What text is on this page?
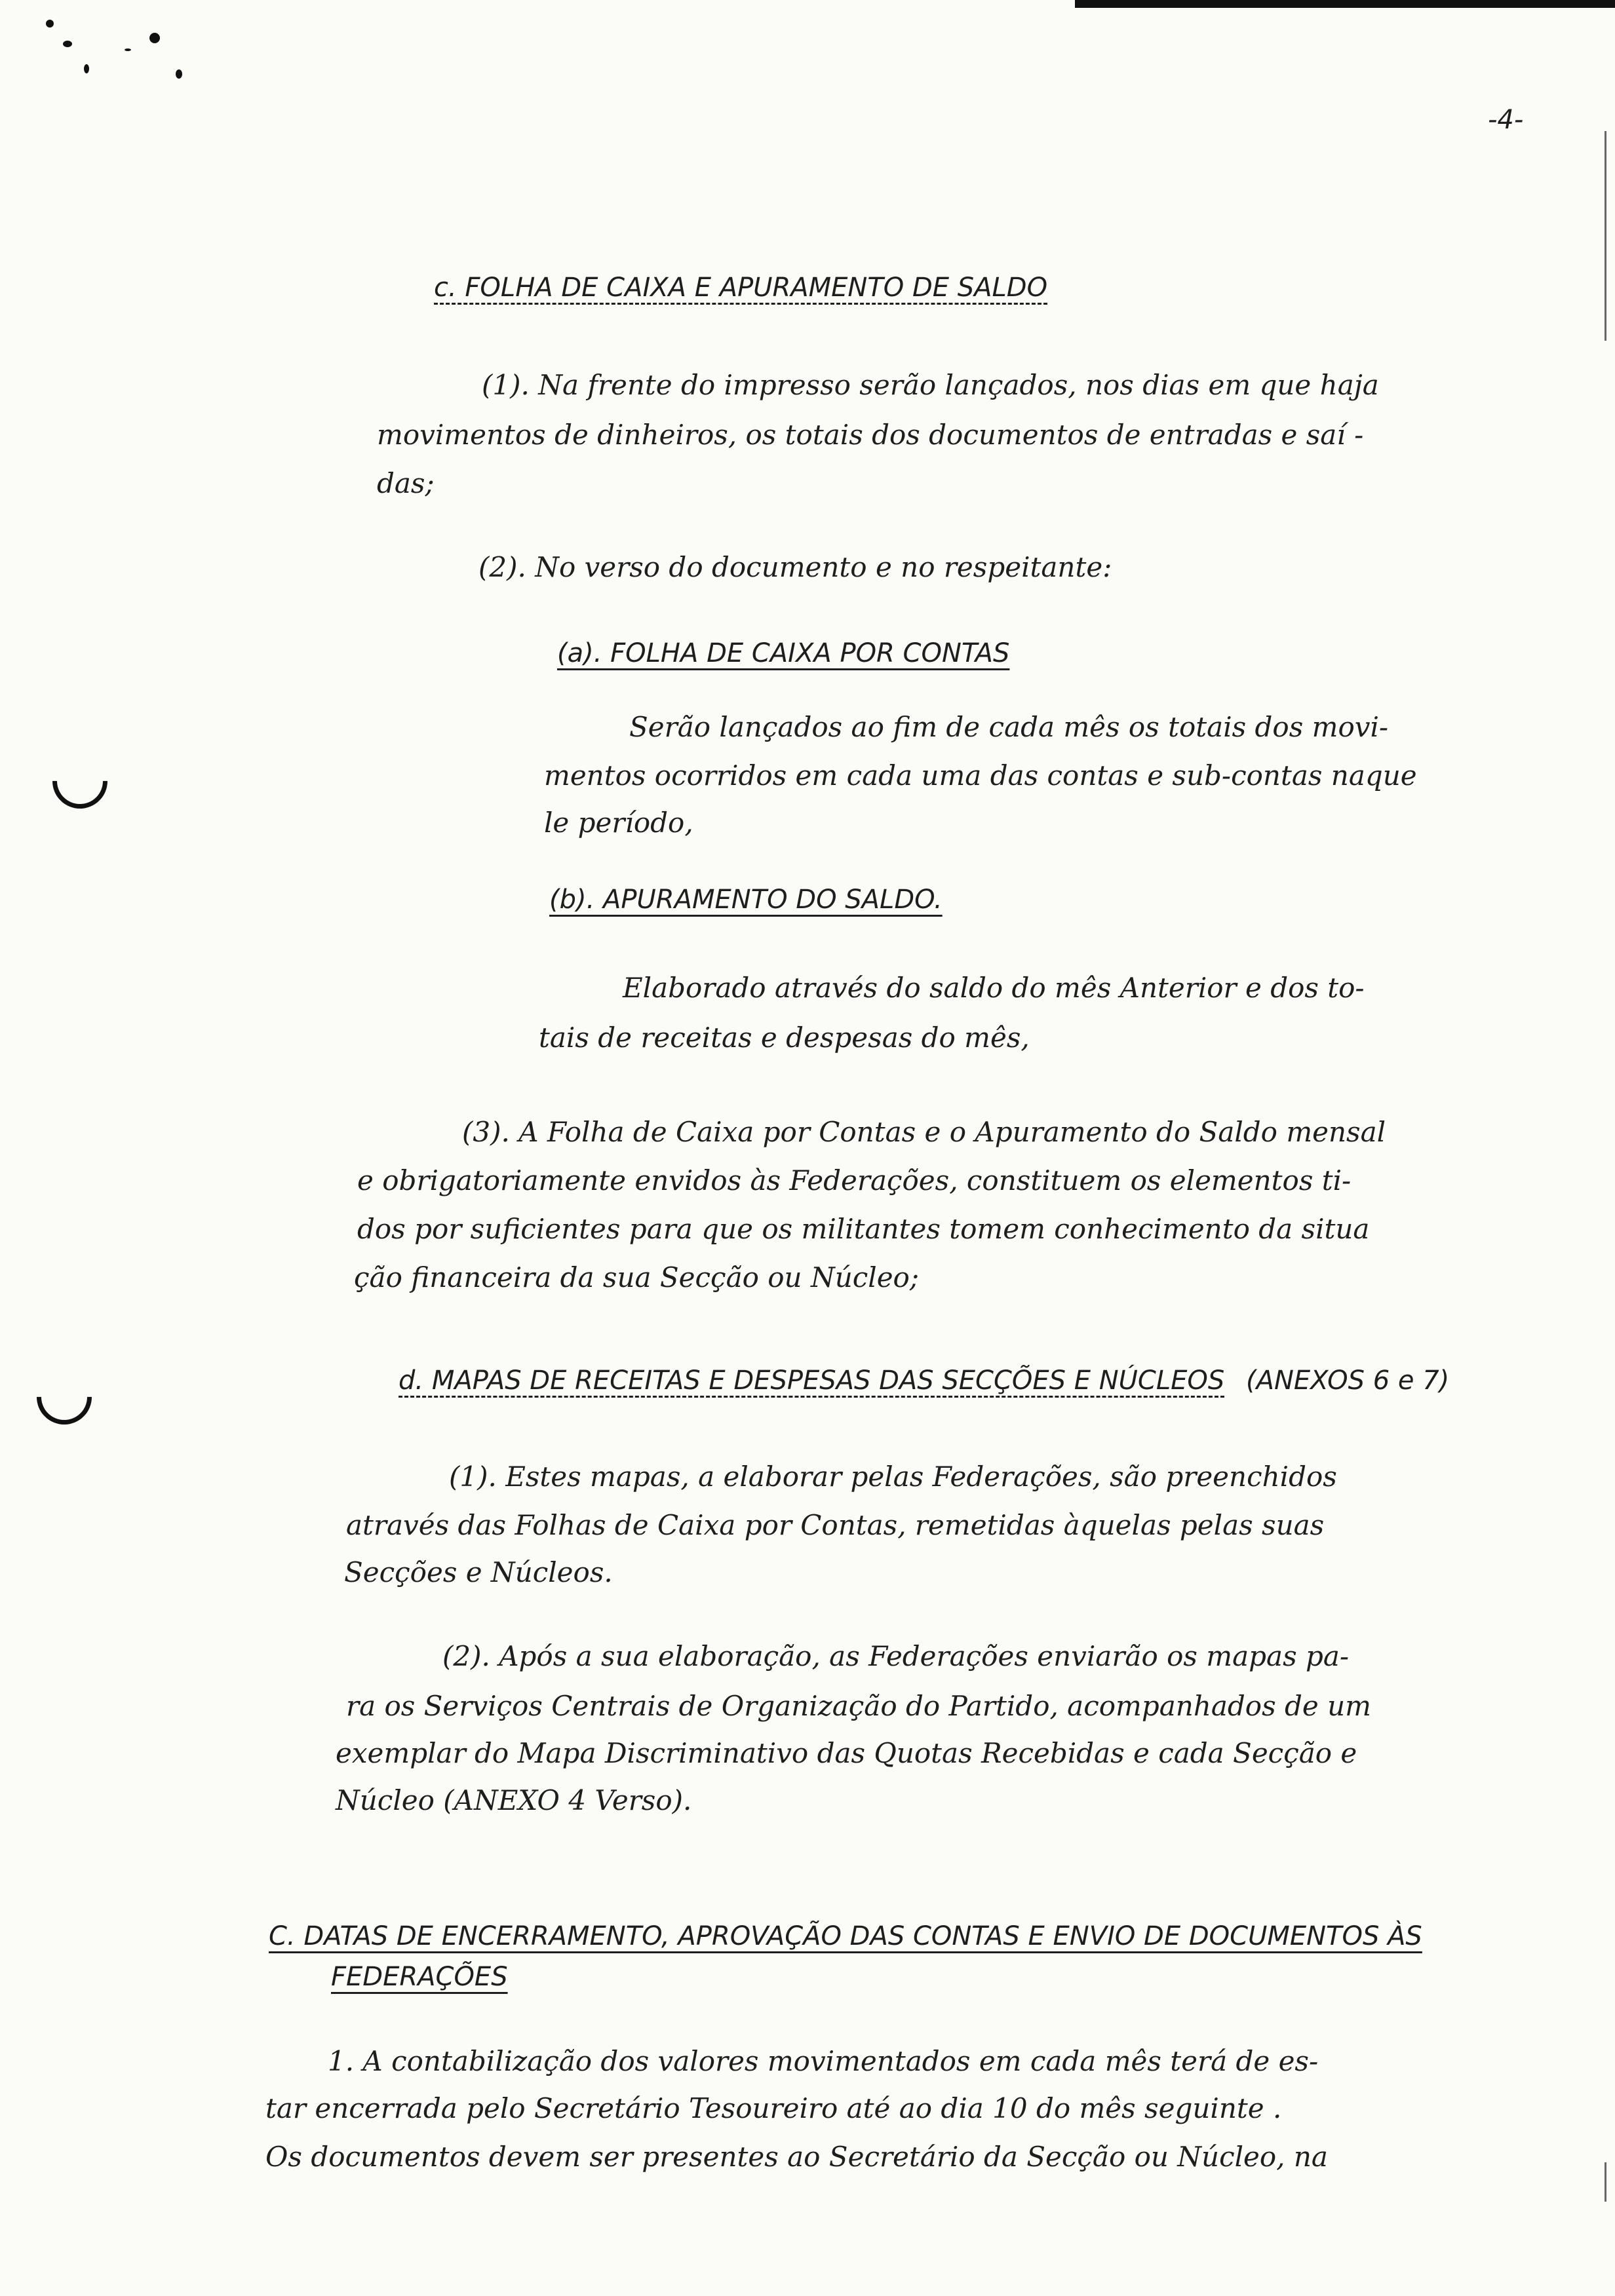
-4-
c. FOLHA DE CAIXA E APURAMENTO DE SALDO
(1). Na frente do impresso serão lançados, nos dias em que haja
movimentos de dinheiros, os totais dos documentos de entradas e saí -
das;
(2). No verso do documento e no respeitante:
(a). FOLHA DE CAIXA POR CONTAS
Serão lançados ao fim de cada mês os totais dos movi-
mentos ocorridos em cada uma das contas e sub-contas naque
le período,
(b). APURAMENTO DO SALDO.
Elaborado através do saldo do mês Anterior e dos to-
tais de receitas e despesas do mês,
(3). A Folha de Caixa por Contas e o Apuramento do Saldo mensal
e obrigatoriamente envidos às Federações, constituem os elementos ti-
dos por suficientes para que os militantes tomem conhecimento da situa
ção financeira da sua Secção ou Núcleo;
d. MAPAS DE RECEITAS E DESPESAS DAS SECÇÕES E NÚCLEOS (ANEXOS 6 e 7)
(1). Estes mapas, a elaborar pelas Federações, são preenchidos
através das Folhas de Caixa por Contas, remetidas àquelas pelas suas
Secções e Núcleos.
(2). Após a sua elaboração, as Federações enviarão os mapas pa-
ra os Serviços Centrais de Organização do Partido, acompanhados de um
exemplar do Mapa Discriminativo das Quotas Recebidas e cada Secção e
Núcleo (ANEXO 4 Verso).
C. DATAS DE ENCERRAMENTO, APROVAÇÃO DAS CONTAS E ENVIO DE DOCUMENTOS ÀS
FEDERAÇÕES
1. A contabilização dos valores movimentados em cada mês terá de es-
tar encerrada pelo Secretário Tesoureiro até ao dia 10 do mês seguinte .
Os documentos devem ser presentes ao Secretário da Secção ou Núcleo, na
